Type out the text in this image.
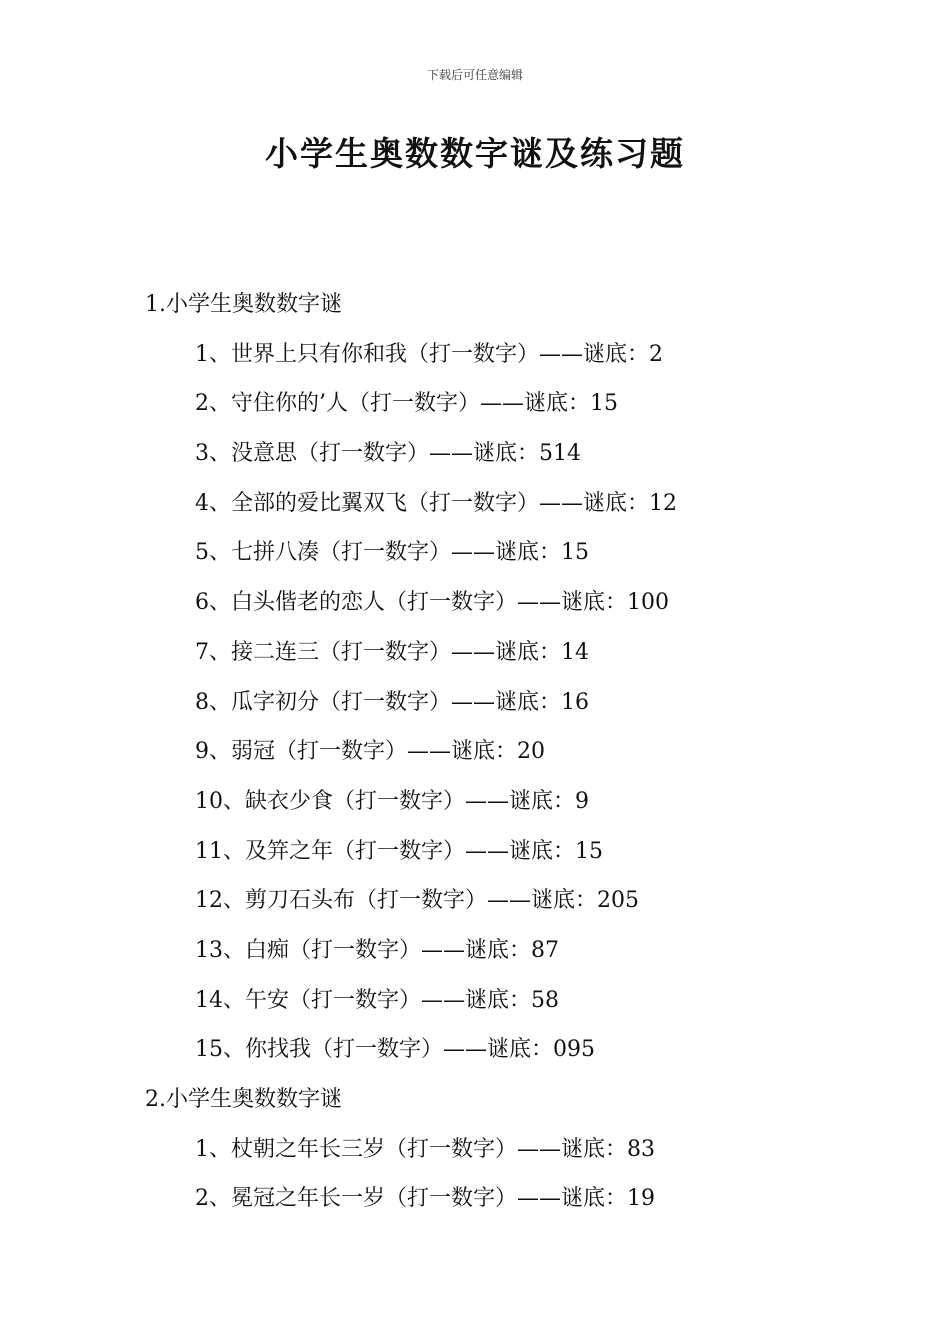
下载后可任意编辑
小学生奥数数字谜及练习题
1.小学生奥数数字谜
1、世界上只有你和我（打一数字）——谜底：2
2、守住你的’人（打一数字）——谜底：15
3、没意思（打一数字）——谜底：514
4、全部的爱比翼双飞（打一数字）——谜底：12
5、七拼八凑（打一数字）——谜底：15
6、白头偕老的恋人（打一数字）——谜底：100
7、接二连三（打一数字）——谜底：14
8、瓜字初分（打一数字）——谜底：16
9、弱冠（打一数字）——谜底：20
10、缺衣少食（打一数字）——谜底：9
11、及笄之年（打一数字）——谜底：15
12、剪刀石头布（打一数字）——谜底：205
13、白痴（打一数字）——谜底：87
14、午安（打一数字）——谜底：58
15、你找我（打一数字）——谜底：095
2.小学生奥数数字谜
1、杖朝之年长三岁（打一数字）——谜底：83
2、冕冠之年长一岁（打一数字）——谜底：19
